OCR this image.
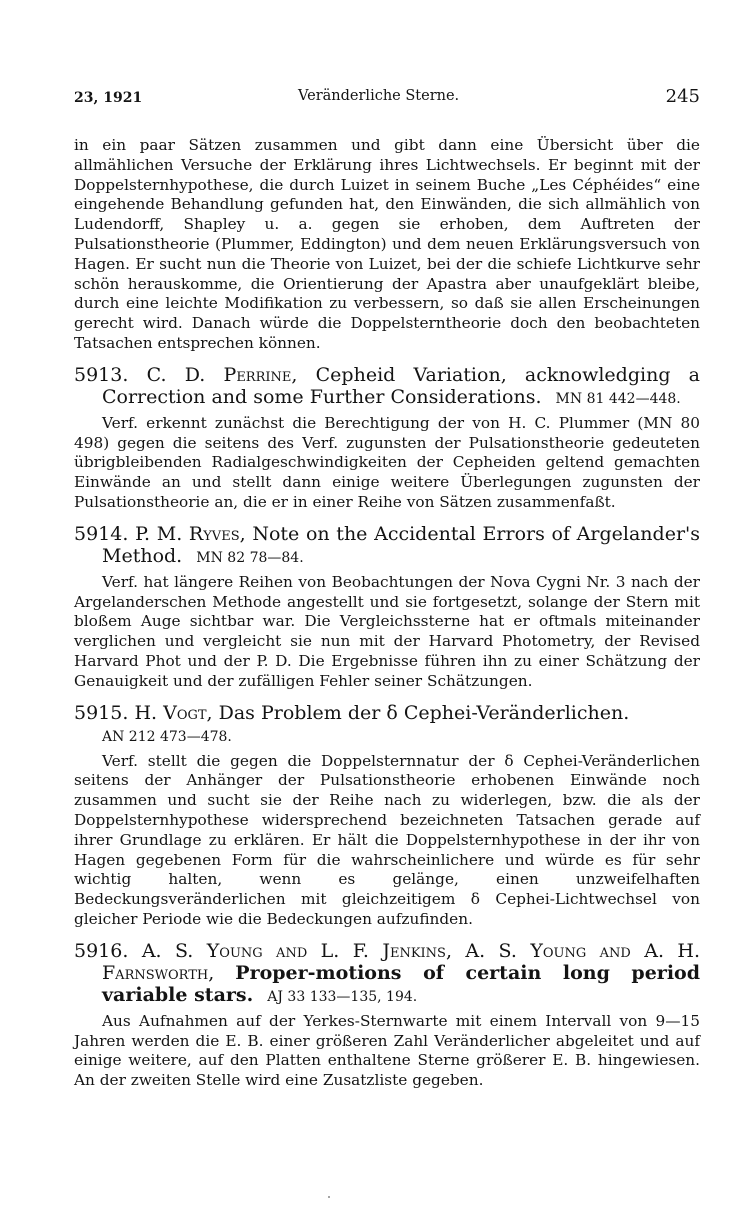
23, 1921	Veränderliche Sterne.	245

in ein paar Sätzen zusammen und gibt dann eine Übersicht über die allmählichen Versuche der Erklärung ihres Lichtwechsels. Er beginnt mit der Doppelsternhypothese, die durch Luizet in seinem Buche „Les Céphéides“ eine eingehende Behandlung gefunden hat, den Einwänden, die sich allmählich von Ludendorff, Shapley u. a. gegen sie erhoben, dem Auftreten der Pulsationstheorie (Plummer, Eddington) und dem neuen Erklärungsversuch von Hagen. Er sucht nun die Theorie von Luizet, bei der die schiefe Lichtkurve sehr schön herauskomme, die Orientierung der Apastra aber unaufgeklärt bleibe, durch eine leichte Modifikation zu verbessern, so daß sie allen Erscheinungen gerecht wird. Danach würde die Doppelsterntheorie doch den beobachteten Tatsachen entsprechen können.

5913. C. D. Perrine, Cepheid Variation, acknowledging a Correction and some Further Considerations. MN 81 442—448.

Verf. erkennt zunächst die Berechtigung der von H. C. Plummer (MN 80 498) gegen die seitens des Verf. zugunsten der Pulsationstheorie gedeuteten übrigbleibenden Radialgeschwindigkeiten der Cepheiden geltend gemachten Einwände an und stellt dann einige weitere Überlegungen zugunsten der Pulsationstheorie an, die er in einer Reihe von Sätzen zusammenfaßt.

5914. P. M. Ryves, Note on the Accidental Errors of Argelander's Method. MN 82 78—84.

Verf. hat längere Reihen von Beobachtungen der Nova Cygni Nr. 3 nach der Argelanderschen Methode angestellt und sie fortgesetzt, solange der Stern mit bloßem Auge sichtbar war. Die Vergleichssterne hat er oftmals miteinander verglichen und vergleicht sie nun mit der Harvard Photometry, der Revised Harvard Phot und der P. D. Die Ergebnisse führen ihn zu einer Schätzung der Genauigkeit und der zufälligen Fehler seiner Schätzungen.

5915. H. Vogt, Das Problem der δ Cephei-Veränderlichen.
AN 212 473—478.

Verf. stellt die gegen die Doppelsternnatur der δ Cephei-Veränderlichen seitens der Anhänger der Pulsationstheorie erhobenen Einwände noch zusammen und sucht sie der Reihe nach zu widerlegen, bzw. die als der Doppelsternhypothese widersprechend bezeichneten Tatsachen gerade auf ihrer Grundlage zu erklären. Er hält die Doppelsternhypothese in der ihr von Hagen gegebenen Form für die wahrscheinlichere und würde es für sehr wichtig halten, wenn es gelänge, einen unzweifelhaften Bedeckungsveränderlichen mit gleichzeitigem δ Cephei-Lichtwechsel von gleicher Periode wie die Bedeckungen aufzufinden.

5916. A. S. Young and L. F. Jenkins, A. S. Young and A. H. Farnsworth, Proper-motions of certain long period variable stars. AJ 33 133—135, 194.

Aus Aufnahmen auf der Yerkes-Sternwarte mit einem Intervall von 9—15 Jahren werden die E. B. einer größeren Zahl Veränderlicher abgeleitet und auf einige weitere, auf den Platten enthaltene Sterne größerer E. B. hingewiesen. An der zweiten Stelle wird eine Zusatzliste gegeben.
